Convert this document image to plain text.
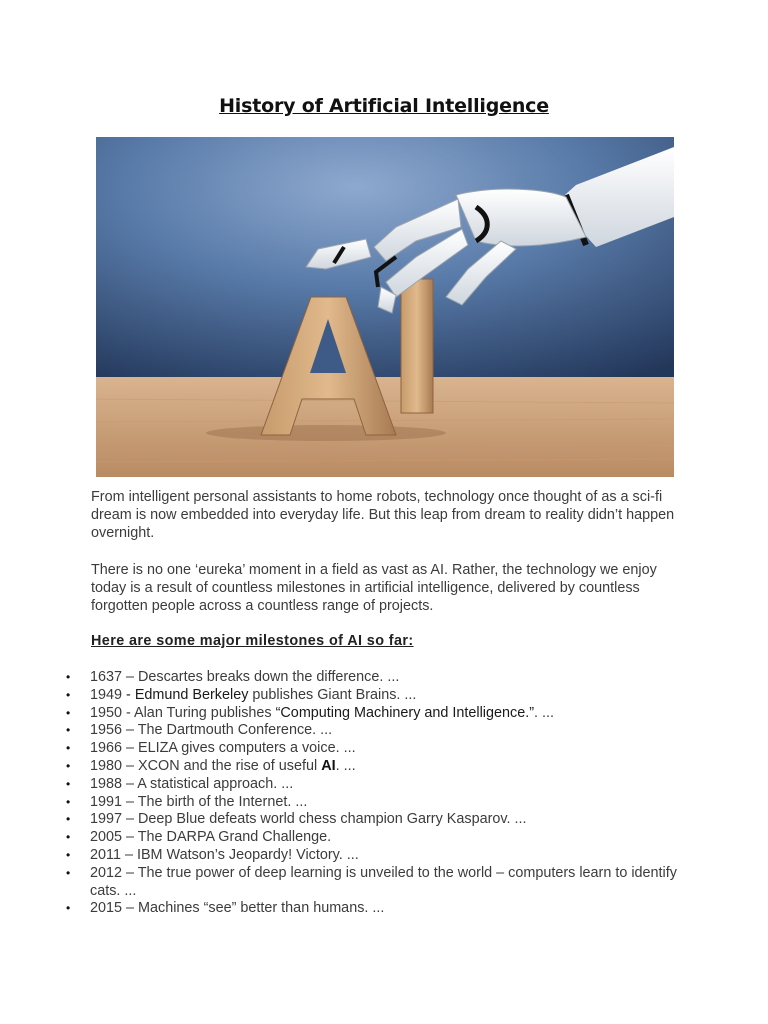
History of Artificial Intelligence

From intelligent personal assistants to home robots, technology once thought of as a sci-fi dream is now embedded into everyday life. But this leap from dream to reality didn’t happen overnight.

There is no one ‘eureka’ moment in a field as vast as AI. Rather, the technology we enjoy today is a result of countless milestones in artificial intelligence, delivered by countless forgotten people across a countless range of projects.

Here are some major milestones of AI so far:
• 1637 – Descartes breaks down the difference. ...
• 1949 - Edmund Berkeley publishes Giant Brains. ...
• 1950 - Alan Turing publishes “Computing Machinery and Intelligence.”. ...
• 1956 – The Dartmouth Conference. ...
• 1966 – ELIZA gives computers a voice. ...
• 1980 – XCON and the rise of useful AI. ...
• 1988 – A statistical approach. ...
• 1991 – The birth of the Internet. ...
• 1997 – Deep Blue defeats world chess champion Garry Kasparov. ...
• 2005 – The DARPA Grand Challenge.
• 2011 – IBM Watson’s Jeopardy! Victory. ...
• 2012 – The true power of deep learning is unveiled to the world – computers learn to identify cats. ...
• 2015 – Machines “see” better than humans. ...
